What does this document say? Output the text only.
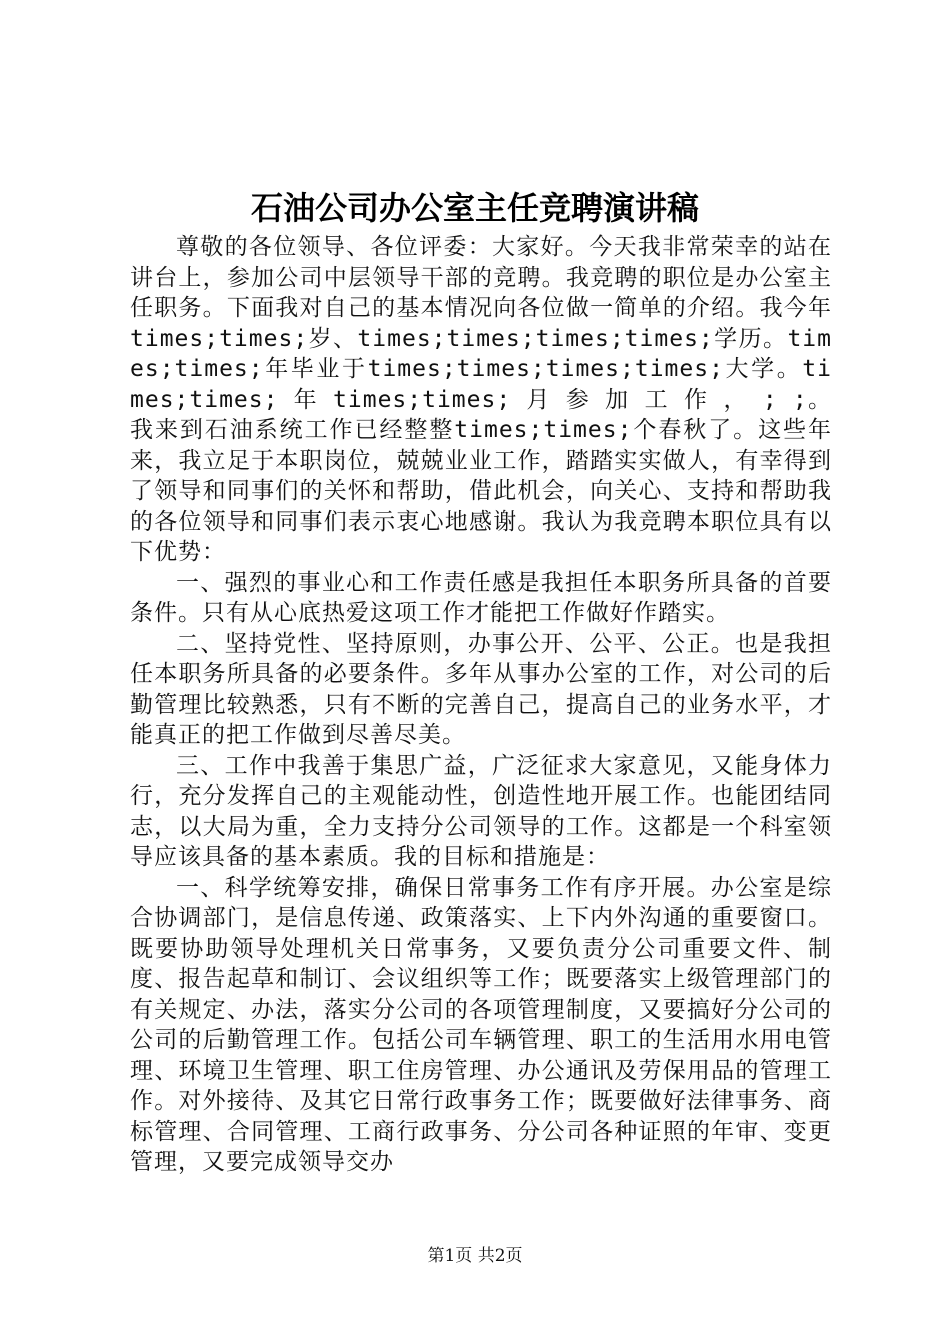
石油公司办公室主任竞聘演讲稿

尊敬的各位领导、各位评委：大家好。今天我非常荣幸的站在讲台上，参加公司中层领导干部的竞聘。我竞聘的职位是办公室主任职务。下面我对自己的基本情况向各位做一简单的介绍。我今年times;times;岁、times;times;times;times;学历。times;times;年毕业于times;times;times;times;大学。times;times; 年 times;times; 月 参 加 工 作 ， ; ;。我来到石油系统工作已经整整times;times;个春秋了。这些年来，我立足于本职岗位，兢兢业业工作，踏踏实实做人，有幸得到了领导和同事们的关怀和帮助，借此机会，向关心、支持和帮助我的各位领导和同事们表示衷心地感谢。我认为我竞聘本职位具有以下优势：

一、强烈的事业心和工作责任感是我担任本职务所具备的首要条件。只有从心底热爱这项工作才能把工作做好作踏实。

二、坚持党性、坚持原则，办事公开、公平、公正。也是我担任本职务所具备的必要条件。多年从事办公室的工作，对公司的后勤管理比较熟悉，只有不断的完善自己，提高自己的业务水平，才能真正的把工作做到尽善尽美。

三、工作中我善于集思广益，广泛征求大家意见，又能身体力行，充分发挥自己的主观能动性，创造性地开展工作。也能团结同志，以大局为重，全力支持分公司领导的工作。这都是一个科室领导应该具备的基本素质。我的目标和措施是：

一、科学统筹安排，确保日常事务工作有序开展。办公室是综合协调部门，是信息传递、政策落实、上下内外沟通的重要窗口。既要协助领导处理机关日常事务，又要负责分公司重要文件、制度、报告起草和制订、会议组织等工作；既要落实上级管理部门的有关规定、办法，落实分公司的各项管理制度，又要搞好分公司的公司的后勤管理工作。包括公司车辆管理、职工的生活用水用电管理、环境卫生管理、职工住房管理、办公通讯及劳保用品的管理工作。对外接待、及其它日常行政事务工作；既要做好法律事务、商标管理、合同管理、工商行政事务、分公司各种证照的年审、变更管理，又要完成领导交办

第1页 共2页
